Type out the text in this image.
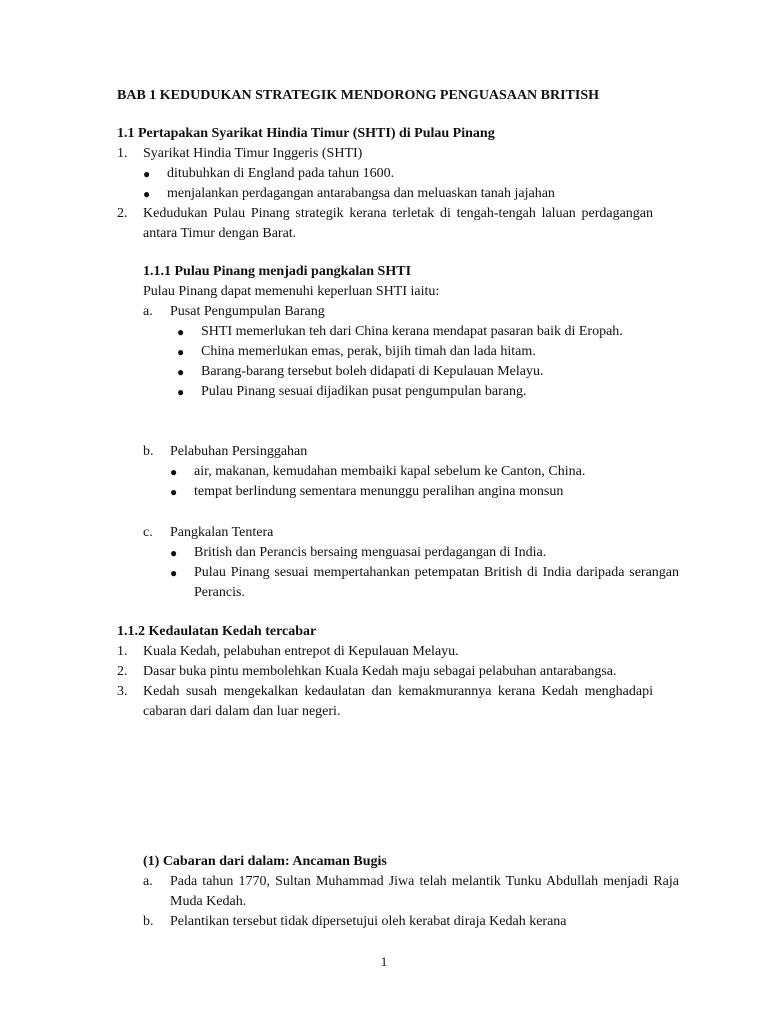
BAB 1 KEDUDUKAN STRATEGIK MENDORONG PENGUASAAN BRITISH
1.1 Pertapakan Syarikat Hindia Timur (SHTI) di Pulau Pinang
1.	Syarikat Hindia Timur Inggeris (SHTI)
●	ditubuhkan di England pada tahun 1600.
●	menjalankan perdagangan antarabangsa dan meluaskan tanah jajahan
2.	Kedudukan Pulau Pinang strategik kerana terletak di tengah-tengah laluan perdagangan antara Timur dengan Barat.
1.1.1 Pulau Pinang menjadi pangkalan SHTI
Pulau Pinang dapat memenuhi keperluan SHTI iaitu:
a.	Pusat Pengumpulan Barang
●	SHTI memerlukan teh dari China kerana mendapat pasaran baik di Eropah.
●	China memerlukan emas, perak, bijih timah dan lada hitam.
●	Barang-barang tersebut boleh didapati di Kepulauan Melayu.
●	Pulau Pinang sesuai dijadikan pusat pengumpulan barang.
b.	Pelabuhan Persinggahan
●	air, makanan, kemudahan membaiki kapal sebelum ke Canton, China.
●	tempat berlindung sementara menunggu peralihan angina monsun
c.	Pangkalan Tentera
●	British dan Perancis bersaing menguasai perdagangan di India.
●	Pulau Pinang sesuai mempertahankan petempatan British di India daripada serangan Perancis.
1.1.2 Kedaulatan Kedah tercabar
1.	Kuala Kedah, pelabuhan entrepot di Kepulauan Melayu.
2.	Dasar buka pintu membolehkan Kuala Kedah maju sebagai pelabuhan antarabangsa.
3.	Kedah susah mengekalkan kedaulatan dan kemakmurannya kerana Kedah menghadapi cabaran dari dalam dan luar negeri.
(1) Cabaran dari dalam: Ancaman Bugis
a.	Pada tahun 1770, Sultan Muhammad Jiwa telah melantik Tunku Abdullah menjadi Raja Muda Kedah.
b.	Pelantikan tersebut tidak dipersetujui oleh kerabat diraja Kedah kerana
1
